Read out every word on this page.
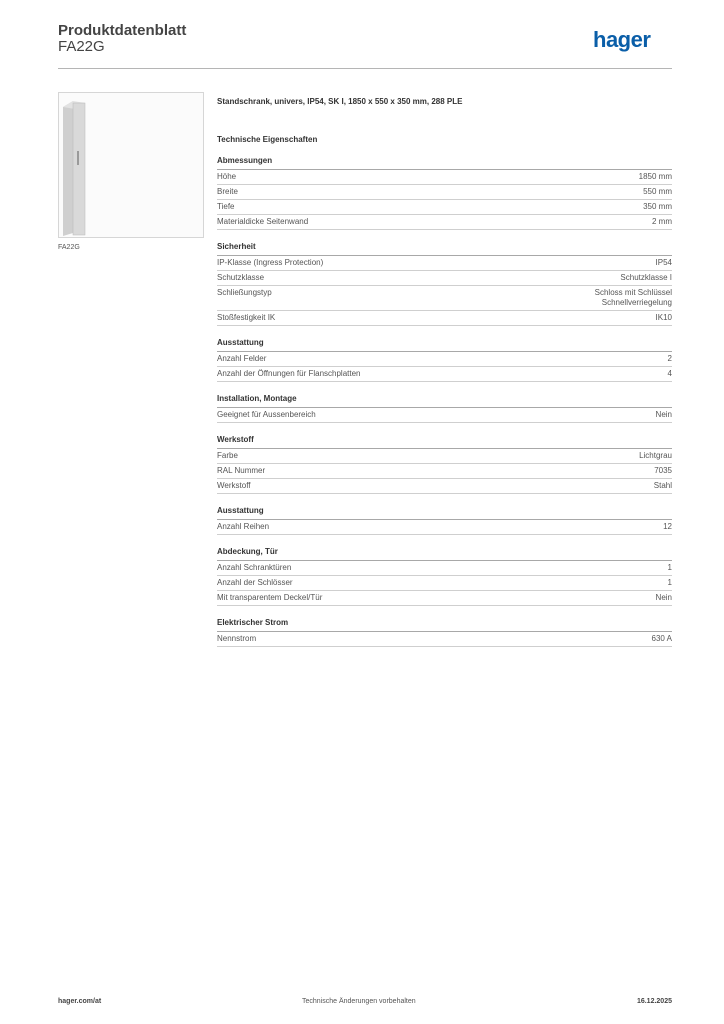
Produktdatenblatt
FA22G	hager
FA22G
Standschrank, univers, IP54, SK I, 1850 x 550 x 350 mm, 288 PLE
Technische Eigenschaften
Abmessungen
Höhe	1850 mm
Breite	550 mm
Tiefe	350 mm
Materialdicke Seitenwand	2 mm
Sicherheit
IP-Klasse (Ingress Protection)	IP54
Schutzklasse	Schutzklasse I
Schließungstyp	Schloss mit Schlüssel
Schnellverriegelung
Stoßfestigkeit IK	IK10
Ausstattung
Anzahl Felder	2
Anzahl der Öffnungen für Flanschplatten	4
Installation, Montage
Geeignet für Aussenbereich	Nein
Werkstoff
Farbe	Lichtgrau
RAL Nummer	7035
Werkstoff	Stahl
Ausstattung
Anzahl Reihen	12
Abdeckung, Tür
Anzahl Schranktüren	1
Anzahl der Schlösser	1
Mit transparentem Deckel/Tür	Nein
Elektrischer Strom
Nennstrom	630 A
hager.com/at	Technische Änderungen vorbehalten	16.12.2025
